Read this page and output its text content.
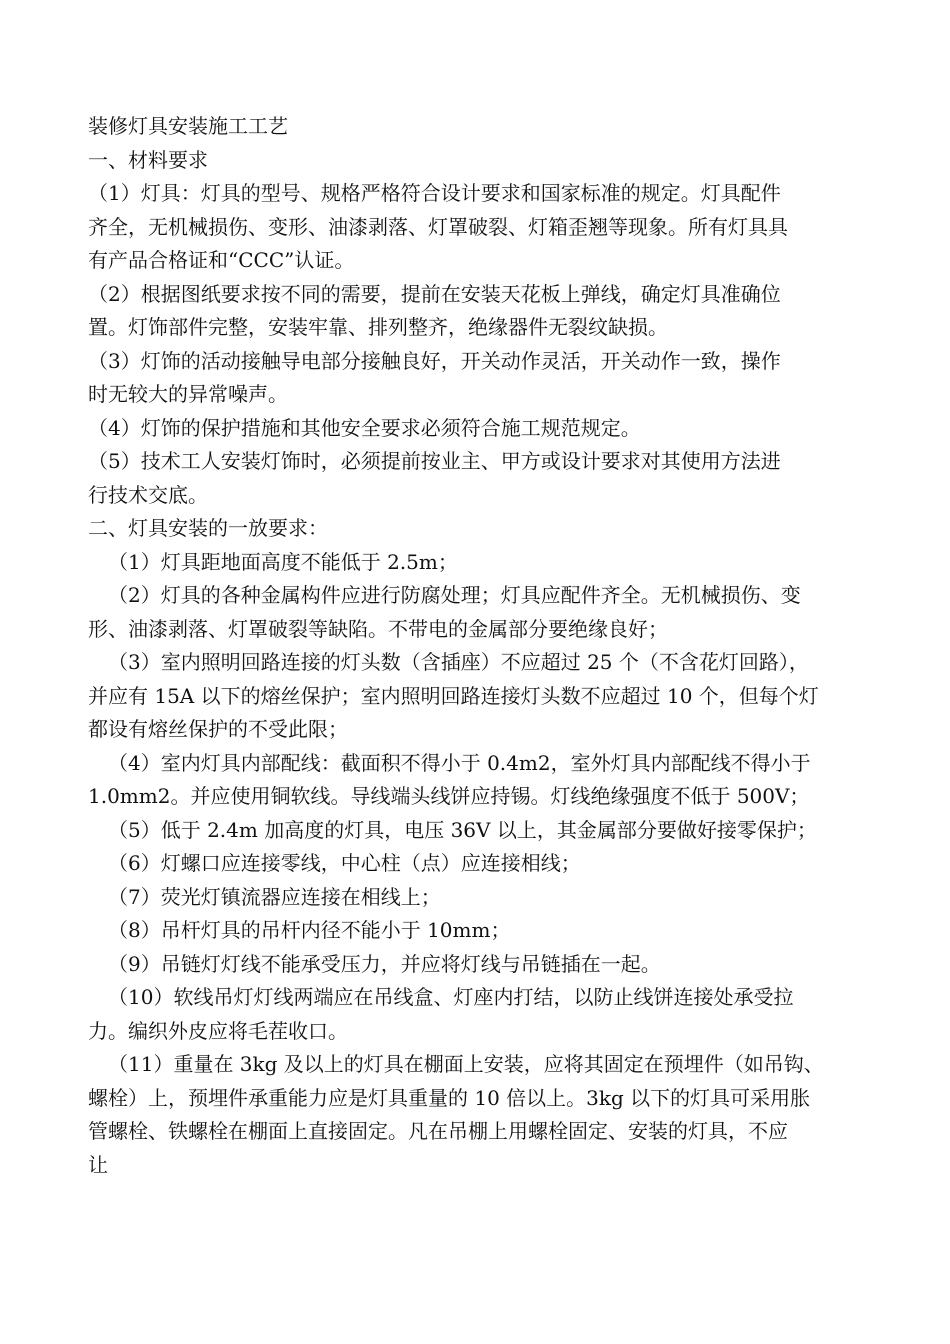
装修灯具安装施工工艺
一、材料要求
（1）灯具：灯具的型号、规格严格符合设计要求和国家标准的规定。灯具配件
齐全，无机械损伤、变形、油漆剥落、灯罩破裂、灯箱歪翘等现象。所有灯具具
有产品合格证和“CCC”认证。
（2）根据图纸要求按不同的需要，提前在安装天花板上弹线，确定灯具准确位
置。灯饰部件完整，安装牢靠、排列整齐，绝缘器件无裂纹缺损。
（3）灯饰的活动接触导电部分接触良好，开关动作灵活，开关动作一致，操作
时无较大的异常噪声。
（4）灯饰的保护措施和其他安全要求必须符合施工规范规定。
（5）技术工人安装灯饰时，必须提前按业主、甲方或设计要求对其使用方法进
行技术交底。
二、灯具安装的一放要求：
（1）灯具距地面高度不能低于 2.5m；
（2）灯具的各种金属构件应进行防腐处理；灯具应配件齐全。无机械损伤、变
形、油漆剥落、灯罩破裂等缺陷。不带电的金属部分要绝缘良好；
（3）室内照明回路连接的灯头数（含插座）不应超过 25 个（不含花灯回路），
并应有 15A 以下的熔丝保护；室内照明回路连接灯头数不应超过 10 个，但每个灯
都设有熔丝保护的不受此限；
（4）室内灯具内部配线：截面积不得小于 0.4m2，室外灯具内部配线不得小于
1.0mm2。并应使用铜软线。导线端头线饼应持锡。灯线绝缘强度不低于 500V；
（5）低于 2.4m 加高度的灯具，电压 36V 以上，其金属部分要做好接零保护；
（6）灯螺口应连接零线，中心柱（点）应连接相线；
（7）荧光灯镇流器应连接在相线上；
（8）吊杆灯具的吊杆内径不能小于 10mm；
（9）吊链灯灯线不能承受压力，并应将灯线与吊链插在一起。
（10）软线吊灯灯线两端应在吊线盒、灯座内打结，以防止线饼连接处承受拉
力。编织外皮应将毛茬收口。
（11）重量在 3kg 及以上的灯具在棚面上安装，应将其固定在预埋件（如吊钩、
螺栓）上，预埋件承重能力应是灯具重量的 10 倍以上。3kg 以下的灯具可采用胀
管螺栓、铁螺栓在棚面上直接固定。凡在吊棚上用螺栓固定、安装的灯具，不应
让
